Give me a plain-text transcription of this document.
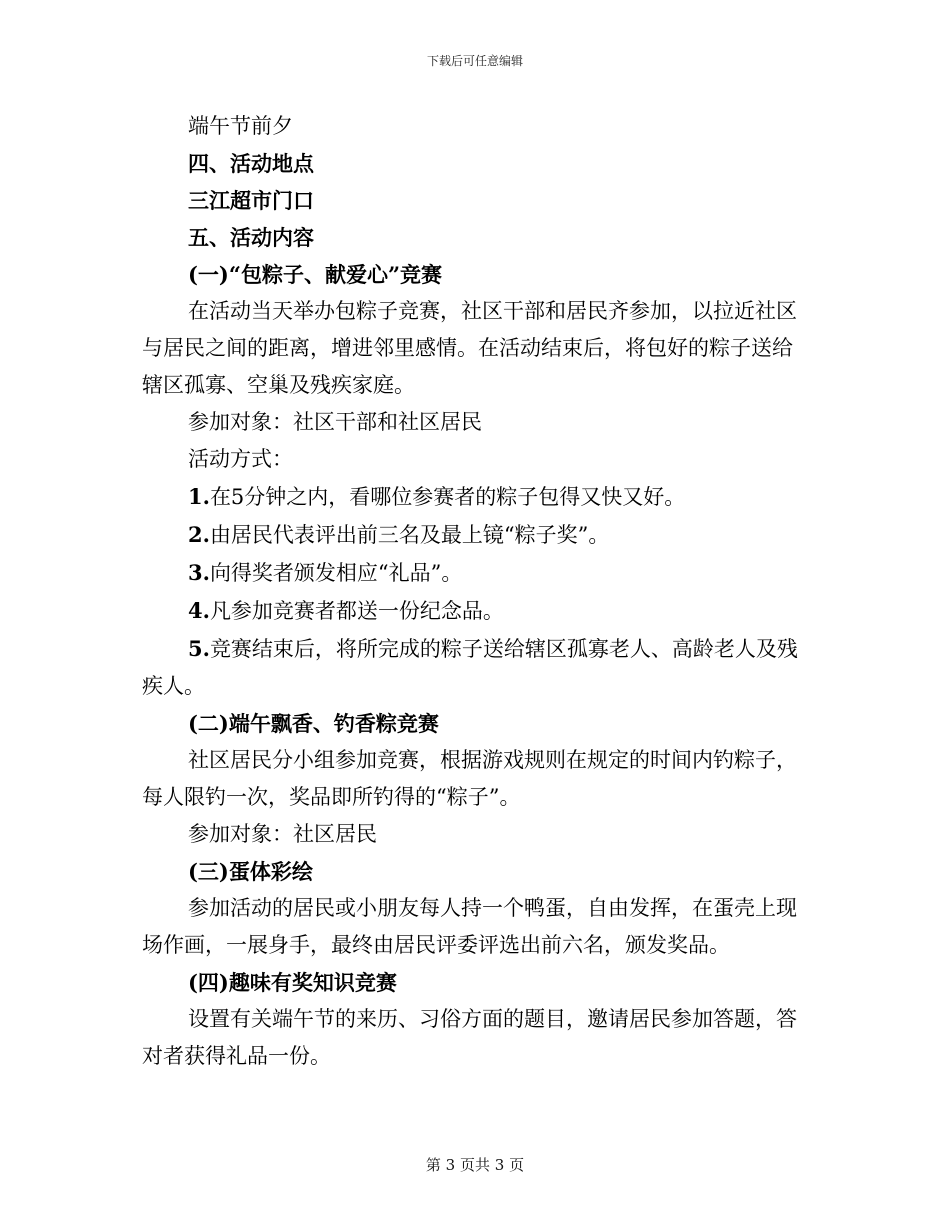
下载后可任意编辑

端午节前夕

四、活动地点

三江超市门口

五、活动内容

(一)“包粽子、献爱心”竞赛

在活动当天举办包粽子竞赛，社区干部和居民齐参加，以拉近社区与居民之间的距离，增进邻里感情。在活动结束后，将包好的粽子送给辖区孤寡、空巢及残疾家庭。

参加对象：社区干部和社区居民

活动方式：

1.在5分钟之内，看哪位参赛者的粽子包得又快又好。

2.由居民代表评出前三名及最上镜“粽子奖”。

3.向得奖者颁发相应“礼品”。

4.凡参加竞赛者都送一份纪念品。

5.竞赛结束后，将所完成的粽子送给辖区孤寡老人、高龄老人及残疾人。

(二)端午飘香、钓香粽竞赛

社区居民分小组参加竞赛，根据游戏规则在规定的时间内钓粽子，每人限钓一次，奖品即所钓得的“粽子”。

参加对象：社区居民

(三)蛋体彩绘

参加活动的居民或小朋友每人持一个鸭蛋，自由发挥，在蛋壳上现场作画，一展身手，最终由居民评委评选出前六名，颁发奖品。

(四)趣味有奖知识竞赛

设置有关端午节的来历、习俗方面的题目，邀请居民参加答题，答对者获得礼品一份。

第 3 页共 3 页
